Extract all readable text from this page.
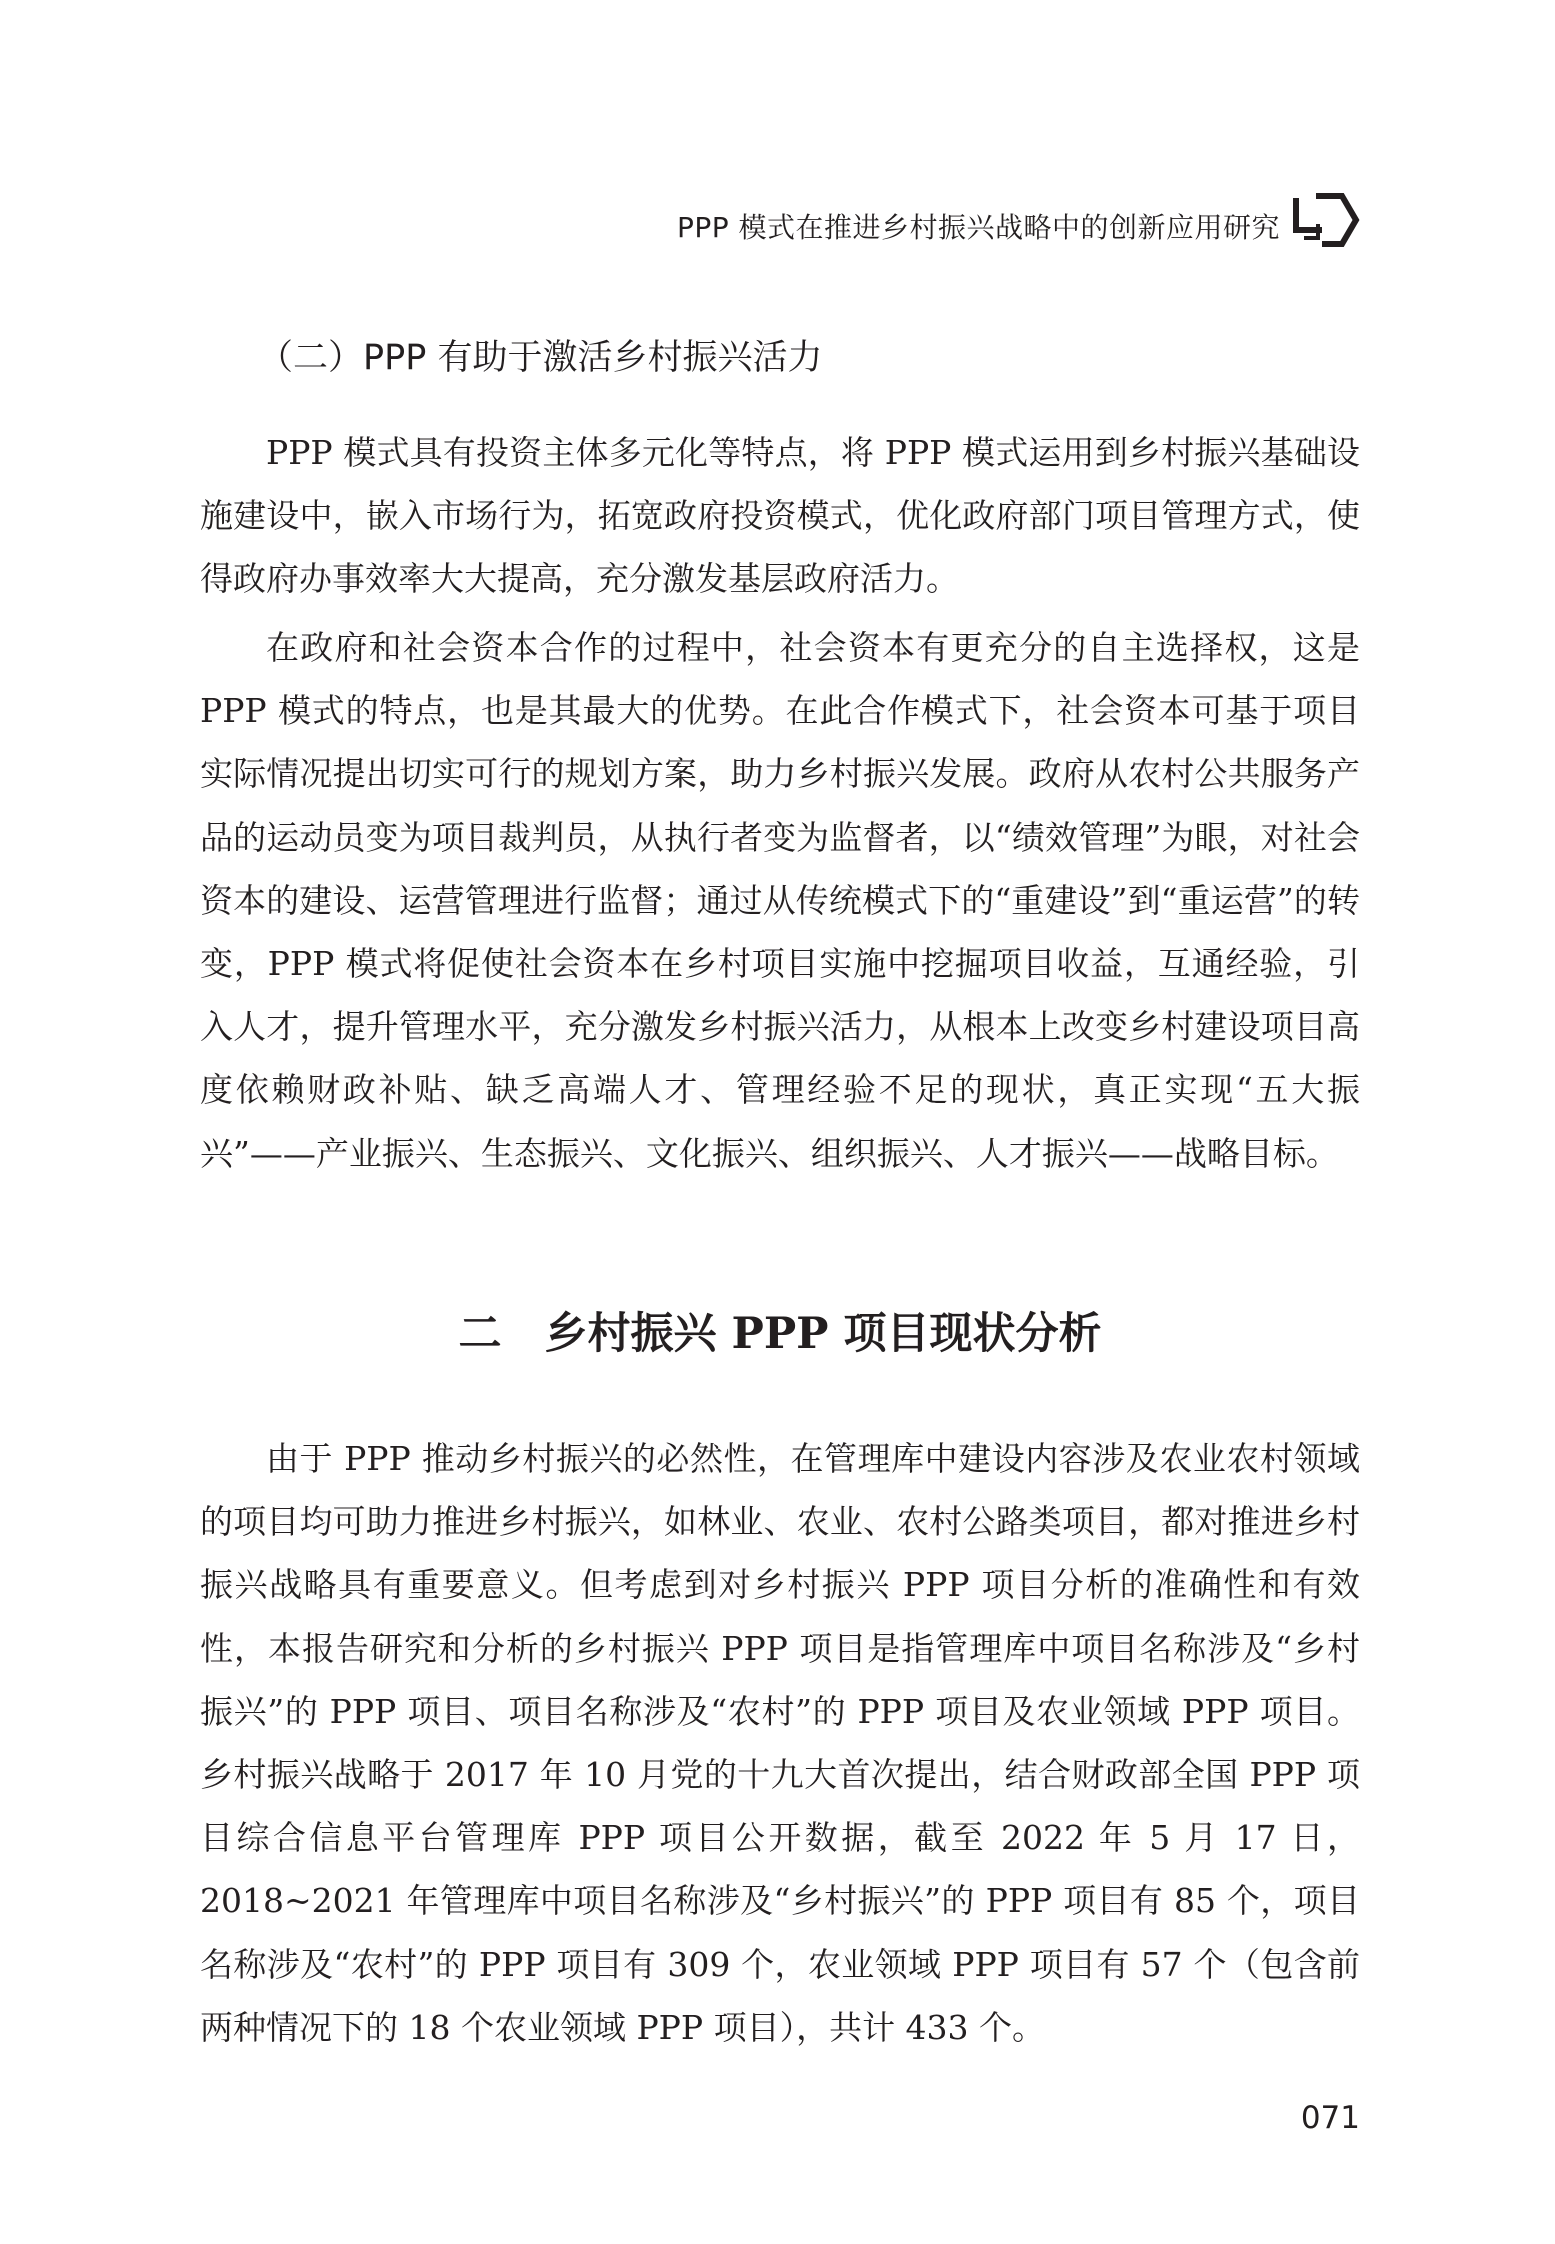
PPP 模式在推进乡村振兴战略中的创新应用研究
（二）PPP 有助于激活乡村振兴活力

PPP 模式具有投资主体多元化等特点，将 PPP 模式运用到乡村振兴基础设施建设中，嵌入市场行为，拓宽政府投资模式，优化政府部门项目管理方式，使得政府办事效率大大提高，充分激发基层政府活力。

在政府和社会资本合作的过程中，社会资本有更充分的自主选择权，这是 PPP 模式的特点，也是其最大的优势。在此合作模式下，社会资本可基于项目实际情况提出切实可行的规划方案，助力乡村振兴发展。政府从农村公共服务产品的运动员变为项目裁判员，从执行者变为监督者，以“绩效管理”为眼，对社会资本的建设、运营管理进行监督；通过从传统模式下的“重建设”到“重运营”的转变，PPP 模式将促使社会资本在乡村项目实施中挖掘项目收益，互通经验，引入人才，提升管理水平，充分激发乡村振兴活力，从根本上改变乡村建设项目高度依赖财政补贴、缺乏高端人才、管理经验不足的现状，真正实现“五大振兴”——产业振兴、生态振兴、文化振兴、组织振兴、人才振兴——战略目标。

二　乡村振兴 PPP 项目现状分析

由于 PPP 推动乡村振兴的必然性，在管理库中建设内容涉及农业农村领域的项目均可助力推进乡村振兴，如林业、农业、农村公路类项目，都对推进乡村振兴战略具有重要意义。但考虑到对乡村振兴 PPP 项目分析的准确性和有效性，本报告研究和分析的乡村振兴 PPP 项目是指管理库中项目名称涉及“乡村振兴”的 PPP 项目、项目名称涉及“农村”的 PPP 项目及农业领域 PPP 项目。乡村振兴战略于 2017 年 10 月党的十九大首次提出，结合财政部全国 PPP 项目综合信息平台管理库 PPP 项目公开数据，截至 2022 年 5 月 17 日，2018~2021 年管理库中项目名称涉及“乡村振兴”的 PPP 项目有 85 个，项目名称涉及“农村”的 PPP 项目有 309 个，农业领域 PPP 项目有 57 个（包含前两种情况下的 18 个农业领域 PPP 项目），共计 433 个。

071
